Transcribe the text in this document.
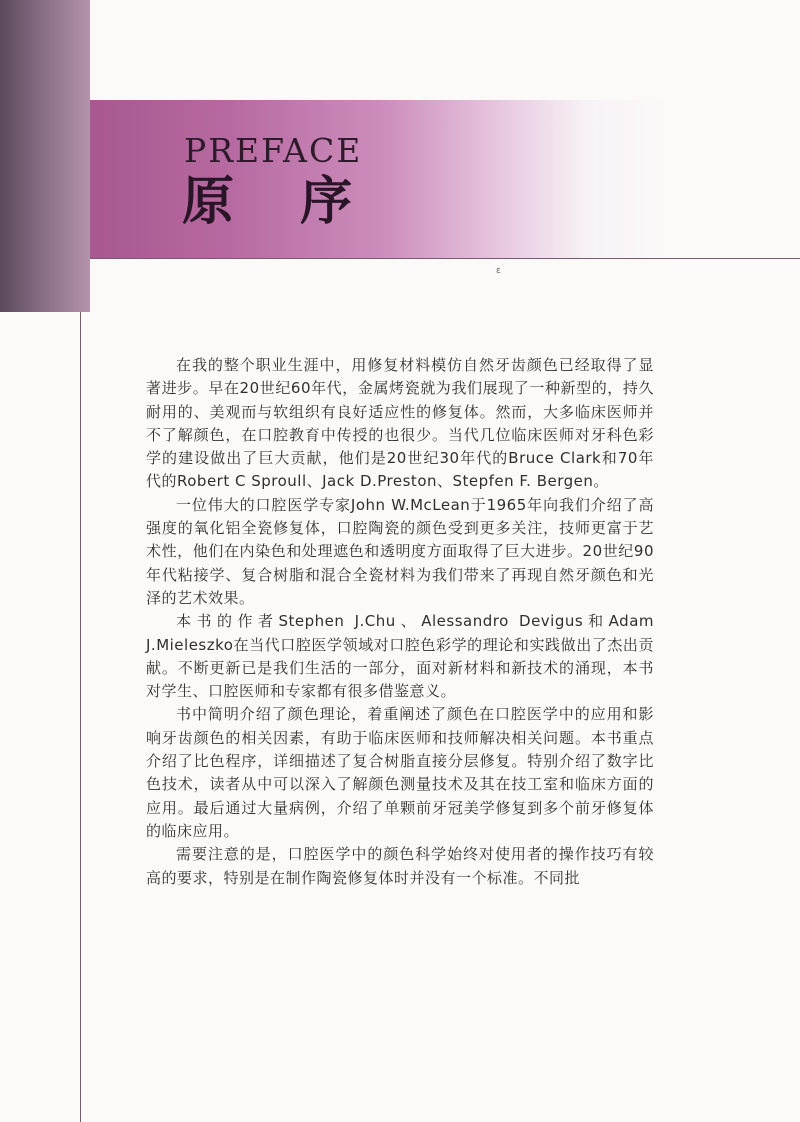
PREFACE
原 序
ɛ

在我的整个职业生涯中，用修复材料模仿自然牙齿颜色已经取得了显著进步。早在20世纪60年代，金属烤瓷就为我们展现了一种新型的，持久耐用的、美观而与软组织有良好适应性的修复体。然而，大多临床医师并不了解颜色，在口腔教育中传授的也很少。当代几位临床医师对牙科色彩学的建设做出了巨大贡献，他们是20世纪30年代的Bruce Clark和70年代的Robert C Sproull、Jack D.Preston、Stepfen F. Bergen。

一位伟大的口腔医学专家John W.McLean于1965年向我们介绍了高强度的氧化铝全瓷修复体，口腔陶瓷的颜色受到更多关注，技师更富于艺术性，他们在内染色和处理遮色和透明度方面取得了巨大进步。20世纪90年代粘接学、复合树脂和混合全瓷材料为我们带来了再现自然牙颜色和光泽的艺术效果。

本书的作者Stephen J.Chu、Alessandro Devigus和Adam J.Mieleszko在当代口腔医学领域对口腔色彩学的理论和实践做出了杰出贡献。不断更新已是我们生活的一部分，面对新材料和新技术的涌现，本书对学生、口腔医师和专家都有很多借鉴意义。

书中简明介绍了颜色理论，着重阐述了颜色在口腔医学中的应用和影响牙齿颜色的相关因素，有助于临床医师和技师解决相关问题。本书重点介绍了比色程序，详细描述了复合树脂直接分层修复。特别介绍了数字比色技术，读者从中可以深入了解颜色测量技术及其在技工室和临床方面的应用。最后通过大量病例，介绍了单颗前牙冠美学修复到多个前牙修复体的临床应用。

需要注意的是，口腔医学中的颜色科学始终对使用者的操作技巧有较高的要求，特别是在制作陶瓷修复体时并没有一个标准。不同批
